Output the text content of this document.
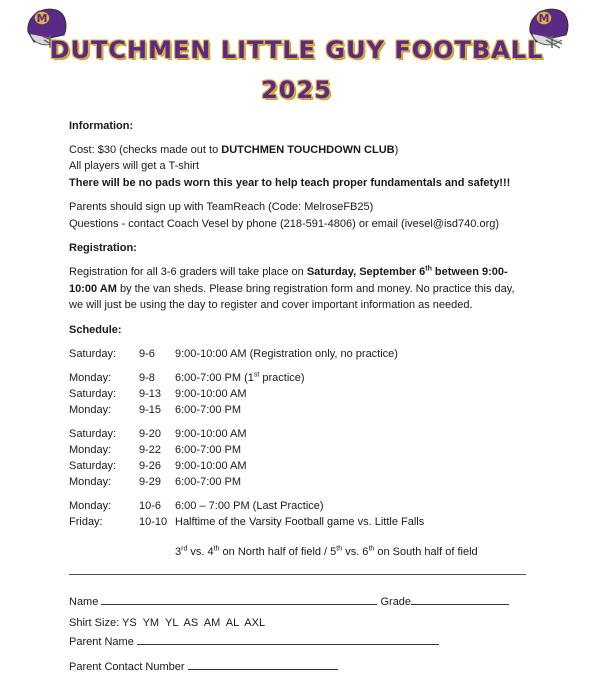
M	M
DUTCHMEN LITTLE GUY FOOTBALL
2025
Information:
Cost: $30 (checks made out to DUTCHMEN TOUCHDOWN CLUB)
All players will get a T-shirt
There will be no pads worn this year to help teach proper fundamentals and safety!!!
Parents should sign up with TeamReach (Code: MelroseFB25)
Questions - contact Coach Vesel by phone (218-591-4806) or email (ivesel@isd740.org)
Registration:
Registration for all 3-6 graders will take place on Saturday, September 6th between 9:00-
10:00 AM by the van sheds. Please bring registration form and money. No practice this day,
we will just be using the day to register and cover important information as needed.
Schedule:
Saturday: 9-6 9:00-10:00 AM (Registration only, no practice)
Monday:	9-8 6:00-7:00 PM (1st practice)
Saturday: 9-13 9:00-10:00 AM
Monday:	9-15 6:00-7:00 PM
Saturday: 9-20 9:00-10:00 AM
Monday:	9-22 6:00-7:00 PM
Saturday: 9-26 9:00-10:00 AM
Monday:	9-29 6:00-7:00 PM
Monday:	10-6 6:00 – 7:00 PM (Last Practice)
Friday:	10-10 Halftime of the Varsity Football game vs. Little Falls
3rd vs. 4th on North half of field / 5th vs. 6th on South half of field
Name	Grade
Shirt Size: YS  YM  YL  AS  AM  AL  AXL
Parent Name
Parent Contact Number
